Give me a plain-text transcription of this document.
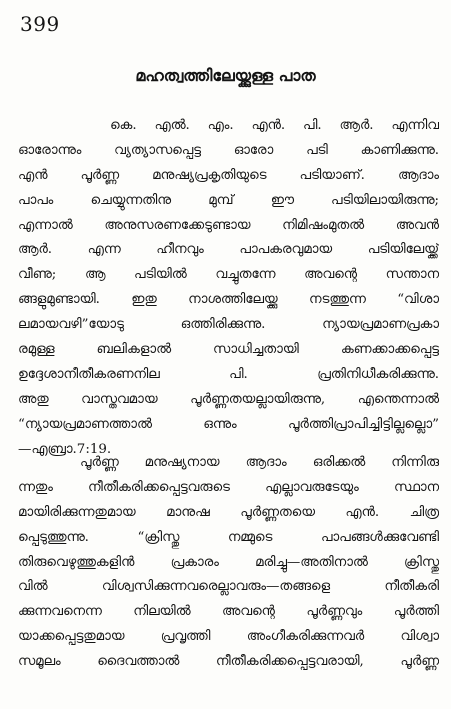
399
മഹത്വത്തിലേയ്ക്കുള്ള പാത
കെ. എൽ. എം. എൻ. പി. ആർ. എന്നിവ
ഓരോന്നും വ്യത്യാസപ്പെട്ട ഓരോ പടി കാണിക്കുന്നു.
എൻ പൂർണ്ണ മനുഷ്യപ്രകൃതിയുടെ പടിയാണ്. ആദാം
പാപം ചെയ്യുന്നതിനു മുമ്പ് ഈ പടിയിലായിരുന്നു;
എന്നാൽ അനുസരണക്കേടുണ്ടായ നിമിഷംമുതൽ അവൻ
ആർ. എന്ന ഹീനവും പാപകരവുമായ പടിയിലേയ്ക്ക്
വീണു; ആ പടിയിൽ വച്ചുതന്നേ അവന്റെ സന്താന
ങ്ങളുമുണ്ടായി. ഇതു നാശത്തിലേയ്ക്കു നടത്തുന്ന “വിശാ
ലമായവഴി”യോടു ഒത്തിരിക്കുന്നു. ന്യായപ്രമാണപ്രകാ
രമുള്ള ബലികളാൽ സാധിച്ചതായി കണക്കാക്കപ്പെട്ട
ഉദ്ദേശാനീതീകരണനില പി. പ്രതിനിധീകരിക്കുന്നു.
അതു വാസ്തവമായ പൂർണ്ണതയല്ലായിരുന്നു, എന്തെന്നാൽ
“ന്യായപ്രമാണത്താൽ ഒന്നും പൂർത്തിപ്രാപിച്ചിട്ടില്ലല്ലൊ”
—എബ്രാ.7:19.
പൂർണ്ണ മനുഷ്യനായ ആദാം ഒരിക്കൽ നിന്നിരു
ന്നതും നീതീകരിക്കപ്പെട്ടവരുടെ എല്ലാവരുടേയും സ്ഥാന
മായിരിക്കുന്നതുമായ മാനുഷ പൂർണ്ണതയെ എൻ. ചിത്ര
പ്പെടുത്തുന്നു. “ക്രിസ്തു നമ്മുടെ പാപങ്ങൾക്കുവേണ്ടി
തിരുവെഴുത്തുകളിൻ പ്രകാരം മരിച്ചു—അതിനാൽ ക്രിസ്തു
വിൽ വിശ്വസിക്കുന്നവരെല്ലാവരും—തങ്ങളെ നീതീകരി
ക്കുന്നവനെന്ന നിലയിൽ അവന്റെ പൂർണ്ണവും പൂർത്തി
യാക്കപ്പെട്ടതുമായ പ്രവൃത്തി അംഗീകരിക്കുന്നവർ വിശ്വാ
സമൂലം ദൈവത്താൽ നീതീകരിക്കപ്പെട്ടവരായി, പൂർണ്ണ
